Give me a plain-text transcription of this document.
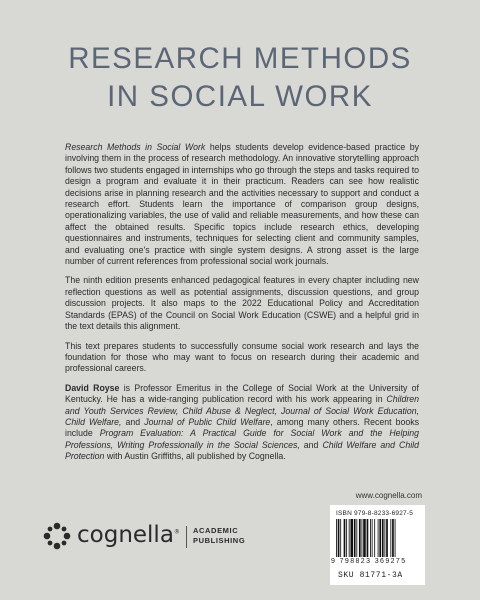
RESEARCH METHODS
IN SOCIAL WORK

Research Methods in Social Work helps students develop evidence-based practice by involving them in the process of research methodology. An innovative storytelling approach follows two students engaged in internships who go through the steps and tasks required to design a program and evaluate it in their practicum. Readers can see how realistic decisions arise in planning research and the activities necessary to support and conduct a research effort. Students learn the importance of comparison group designs, operationalizing variables, the use of valid and reliable measurements, and how these can affect the obtained results. Specific topics include research ethics, developing questionnaires and instruments, techniques for selecting client and community samples, and evaluating one's practice with single system designs. A strong asset is the large number of current references from professional social work journals.

The ninth edition presents enhanced pedagogical features in every chapter including new reflection questions as well as potential assignments, discussion questions, and group discussion projects. It also maps to the 2022 Educational Policy and Accreditation Standards (EPAS) of the Council on Social Work Education (CSWE) and a helpful grid in the text details this alignment.

This text prepares students to successfully consume social work research and lays the foundation for those who may want to focus on research during their academic and professional careers.

David Royse is Professor Emeritus in the College of Social Work at the University of Kentucky. He has a wide-ranging publication record with his work appearing in Children and Youth Services Review, Child Abuse & Neglect, Journal of Social Work Education, Child Welfare, and Journal of Public Child Welfare, among many others. Recent books include Program Evaluation: A Practical Guide for Social Work and the Helping Professions, Writing Professionally in the Social Sciences, and Child Welfare and Child Protection with Austin Griffiths, all published by Cognella.

www.cognella.com
cognella® ACADEMIC
PUBLISHING
ISBN 979-8-8233-6927-5
9 798823 369275
SKU 81771-3A
